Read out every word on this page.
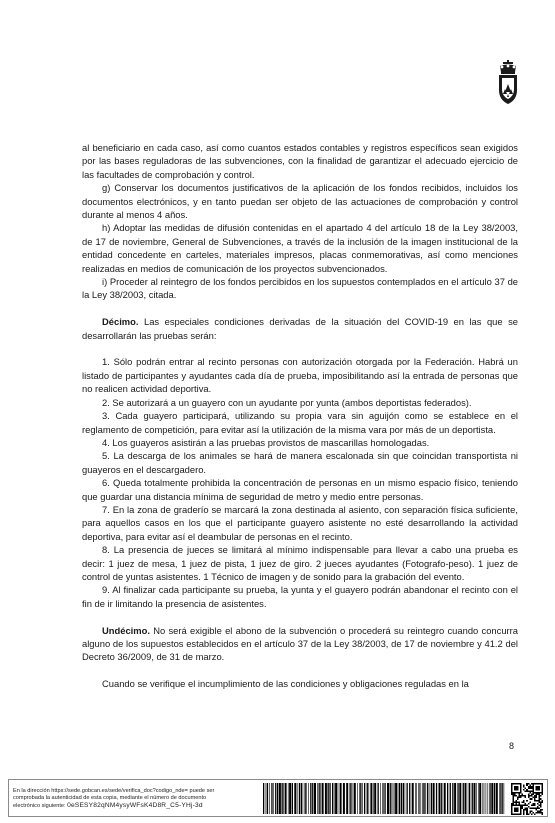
al beneficiario en cada caso, así como cuantos estados contables y registros específicos sean exigidos por las bases reguladoras de las subvenciones, con la finalidad de garantizar el adecuado ejercicio de las facultades de comprobación y control.

g) Conservar los documentos justificativos de la aplicación de los fondos recibidos, incluidos los documentos electrónicos, y en tanto puedan ser objeto de las actuaciones de comprobación y control durante al menos 4 años.

h) Adoptar las medidas de difusión contenidas en el apartado 4 del artículo 18 de la Ley 38/2003, de 17 de noviembre, General de Subvenciones, a través de la inclusión de la imagen institucional de la entidad concedente en carteles, materiales impresos, placas conmemorativas, así como menciones realizadas en medios de comunicación de los proyectos subvencionados.

i) Proceder al reintegro de los fondos percibidos en los supuestos contemplados en el artículo 37 de la Ley 38/2003, citada.

Décimo. Las especiales condiciones derivadas de la situación del COVID-19 en las que se desarrollarán las pruebas serán:

1. Sólo podrán entrar al recinto personas con autorización otorgada por la Federación. Habrá un listado de participantes y ayudantes cada día de prueba, imposibilitando así la entrada de personas que no realicen actividad deportiva.

2. Se autorizará a un guayero con un ayudante por yunta (ambos deportistas federados).

3. Cada guayero participará, utilizando su propia vara sin aguijón como se establece en el reglamento de competición, para evitar así la utilización de la misma vara por más de un deportista.

4. Los guayeros asistirán a las pruebas provistos de mascarillas homologadas.

5. La descarga de los animales se hará de manera escalonada sin que coincidan transportista ni guayeros en el descargadero.

6. Queda totalmente prohibida la concentración de personas en un mismo espacio físico, teniendo que guardar una distancia mínima de seguridad de metro y medio entre personas.

7. En la zona de graderío se marcará la zona destinada al asiento, con separación física suficiente, para aquellos casos en los que el participante guayero asistente no esté desarrollando la actividad deportiva, para evitar así el deambular de personas en el recinto.

8. La presencia de jueces se limitará al mínimo indispensable para llevar a cabo una prueba es decir: 1 juez de mesa, 1 juez de pista, 1 juez de giro. 2 jueces ayudantes (Fotografo-peso). 1 juez de control de yuntas asistentes. 1 Técnico de imagen y de sonido para la grabación del evento.

9. Al finalizar cada participante su prueba, la yunta y el guayero podrán abandonar el recinto con el fin de ir limitando la presencia de asistentes.

Undécimo. No será exigible el abono de la subvención o procederá su reintegro cuando concurra alguno de los supuestos establecidos en el artículo 37 de la Ley 38/2003, de 17 de noviembre y 41.2 del Decreto 36/2009, de 31 de marzo.

Cuando se verifique el incumplimiento de las condiciones y obligaciones reguladas en la

8
En la dirección https://sede.gobcan.es/sede/verifica_doc?codigo_nde= puede ser
comprobada la autenticidad de esta copia, mediante el número de documento
electrónico siguiente: 0eSESY82qNM4ysyWFsK4D8R_C5-YHj-3d
